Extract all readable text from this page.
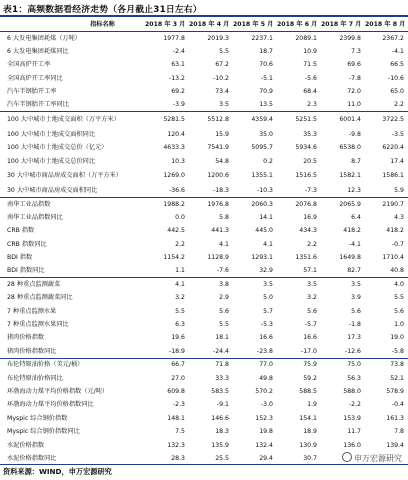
表1：高频数据看经济走势（各月截止31日左右）
指标名称	2018 年 3 月	2018 年 4 月	2018 年 5 月	2018 年 6 月	2018 年 7 月	2018 年 8 月
6 大发电集团耗煤（万吨）	1977.8	2019.3	2237.1	2089.1	2399.8	2367.2
6 大发电集团耗煤同比	-2.4	5.5	18.7	10.9	7.3	-4.1
全国高炉开工率	63.1	67.2	70.6	71.5	69.6	66.5
全国高炉开工率同比	-13.2	-10.2	-5.1	-5.6	-7.8	-10.6
汽车半钢胎开工率	69.2	73.4	70.9	68.4	72.0	65.0
汽车半钢胎开工率同比	-3.9	3.5	13.5	2.3	11.0	2.2
100 大中城市土地成交面积（万平方米）	5281.5	5512.8	4359.4	5251.5	6001.4	3722.5
100 大中城市土地成交面积同比	120.4	15.9	35.0	35.3	-9.8	-3.5
100 大中城市土地成交总价（亿元）	4633.3	7541.9	5095.7	5934.6	6538.0	6220.4
100 大中城市土地成交总价同比	10.3	54.8	0.2	20.5	8.7	17.4
30 大中城市商品房成交面积（万平方米）	1269.0	1200.6	1355.1	1516.5	1582.1	1586.1
30 大中城市商品房成交面积同比	-36.6	-18.3	-10.3	-7.3	12.3	5.9
南华工业品指数	1988.2	1976.8	2060.3	2076.8	2065.9	2190.7
南华工业品指数同比	0.0	5.8	14.1	16.9	6.4	4.3
CRB 指数	442.5	441.3	445.0	434.3	418.2	418.2
CRB 指数同比	2.2	4.1	4.1	2.2	-4.1	-0.7
BDI 指数	1154.2	1128.9	1293.1	1351.6	1649.8	1710.4
BDI 指数同比	1.1	-7.6	32.9	57.1	82.7	40.8
28 种重点监测蔬菜	4.1	3.8	3.5	3.5	3.5	4.0
28 种重点监测蔬菜同比	3.2	2.9	5.0	3.2	3.9	5.5
7 种重点监测水果	5.5	5.6	5.7	5.6	5.6	5.6
7 种重点监测水果同比	6.3	5.5	-5.3	-5.7	-1.8	1.0
猪肉价格指数	19.6	18.1	16.6	16.6	17.3	19.0
猪肉价格指数同比	-18.9	-24.4	-23.8	-17.0	-12.6	-5.8
布伦特原油价格（美元/桶）	66.7	71.8	77.0	75.9	75.0	73.8
布伦特原油价格同比	27.0	33.3	49.8	59.2	56.3	52.1
环渤海动力煤平均价格指数（元/吨）	609.8	583.5	570.2	588.5	588.0	578.9
环渤海动力煤平均价格指数同比	-2.3	-9.1	-3.0	1.9	-2.2	-0.4
Myspic 综合钢价指数	148.1	146.6	152.3	154.1	153.9	161.3
Myspic 综合钢价指数同比	7.5	18.3	19.8	18.9	11.7	7.8
水泥价格指数	132.3	135.9	132.4	130.9	136.0	139.4
水泥价格指数同比	28.3	25.5	29.4	30.7		
资料来源：WIND，申万宏源研究
申万宏源研究
